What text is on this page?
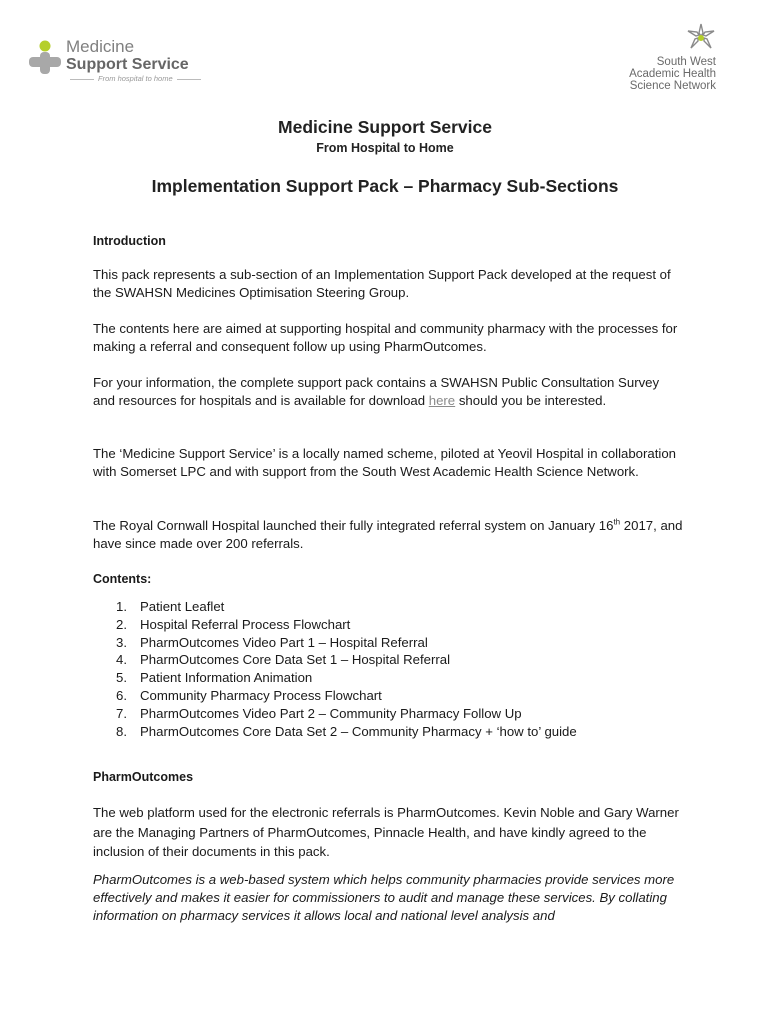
Medicine
Support Service
From hospital to home
South West
Academic Health
Science Network
Medicine Support Service
From Hospital to Home
Implementation Support Pack – Pharmacy Sub-Sections
Introduction
This pack represents a sub-section of an Implementation Support Pack developed at the request of the SWAHSN Medicines Optimisation Steering Group.
The contents here are aimed at supporting hospital and community pharmacy with the processes for making a referral and consequent follow up using PharmOutcomes.
For your information, the complete support pack contains a SWAHSN Public Consultation Survey and resources for hospitals and is available for download here should you be interested.
The ‘Medicine Support Service’ is a locally named scheme, piloted at Yeovil Hospital in collaboration with Somerset LPC and with support from the South West Academic Health Science Network.
The Royal Cornwall Hospital launched their fully integrated referral system on January 16th 2017, and have since made over 200 referrals.
Contents:
1. Patient Leaflet
2. Hospital Referral Process Flowchart
3. PharmOutcomes Video Part 1 – Hospital Referral
4. PharmOutcomes Core Data Set 1 – Hospital Referral
5. Patient Information Animation
6. Community Pharmacy Process Flowchart
7. PharmOutcomes Video Part 2 – Community Pharmacy Follow Up
8. PharmOutcomes Core Data Set 2 – Community Pharmacy + ‘how to’ guide
PharmOutcomes
The web platform used for the electronic referrals is PharmOutcomes. Kevin Noble and Gary Warner are the Managing Partners of PharmOutcomes, Pinnacle Health, and have kindly agreed to the inclusion of their documents in this pack.
PharmOutcomes is a web-based system which helps community pharmacies provide services more effectively and makes it easier for commissioners to audit and manage these services. By collating information on pharmacy services it allows local and national level analysis and
